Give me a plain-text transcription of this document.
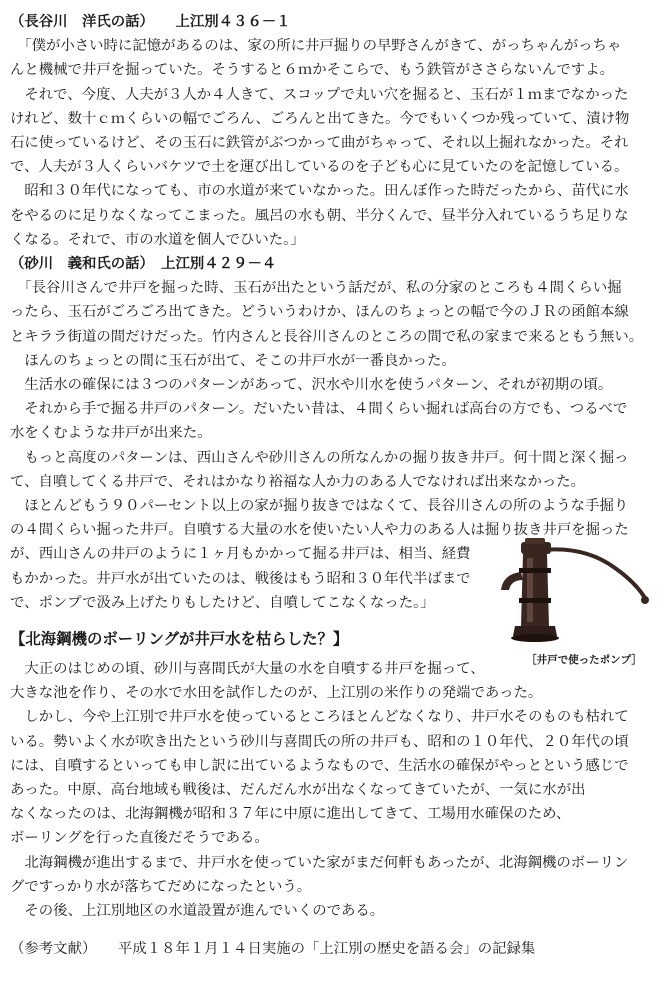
（長谷川　洋氏の話）　　上江別４３６－１
　「僕が小さい時に記憶があるのは、家の所に井戸掘りの早野さんがきて、がっちゃんがっちゃ
んと機械で井戸を掘っていた。そうすると６ｍかそこらで、もう鉄管がささらないんですよ。
　それで、今度、人夫が３人か４人きて、スコップで丸い穴を掘ると、玉石が１ｍまでなかった
けれど、数十ｃｍくらいの幅でごろん、ごろんと出てきた。今でもいくつか残っていて、漬け物
石に使っているけど、その玉石に鉄管がぶつかって曲がちゃって、それ以上掘れなかった。それ
で、人夫が３人くらいバケツで土を運び出しているのを子ども心に見ていたのを記憶している。
　昭和３０年代になっても、市の水道が来ていなかった。田んぼ作った時だったから、苗代に水
をやるのに足りなくなってこまった。風呂の水も朝、半分くんで、昼半分入れているうち足りな
くなる。それで、市の水道を個人でひいた。」
（砂川　義和氏の話）　上江別４２９－４
　「長谷川さんで井戸を掘った時、玉石が出たという話だが、私の分家のところも４間くらい掘
ったら、玉石がごろごろ出てきた。どういうわけか、ほんのちょっとの幅で今のＪＲの函館本線
とキララ街道の間だけだった。竹内さんと長谷川さんのところの間で私の家まで来るともう無い。
　ほんのちょっとの間に玉石が出て、そこの井戸水が一番良かった。
　生活水の確保には３つのパターンがあって、沢水や川水を使うパターン、それが初期の頃。
　それから手で掘る井戸のパターン。だいたい昔は、４間くらい掘れば高台の方でも、つるべで
水をくむような井戸が出来た。
　もっと高度のパターンは、西山さんや砂川さんの所なんかの掘り抜き井戸。何十間と深く掘っ
て、自噴してくる井戸で、それはかなり裕福な人か力のある人でなければ出来なかった。
　ほとんどもう９０パーセント以上の家が掘り抜きではなくて、長谷川さんの所のような手掘り
の４間くらい掘った井戸。自噴する大量の水を使いたい人や力のある人は掘り抜き井戸を掘った
が、西山さんの井戸のように１ヶ月もかかって掘る井戸は、相当、経費
もかかった。井戸水が出ていたのは、戦後はもう昭和３０年代半ばまで
で、ポンプで汲み上げたりもしたけど、自噴してこなくなった。」
【北海鋼機のボーリングが井戸水を枯らした？】
　大正のはじめの頃、砂川与喜間氏が大量の水を自噴する井戸を掘って、
大きな池を作り、その水で水田を試作したのが、上江別の米作りの発端であった。
　しかし、今や上江別で井戸水を使っているところほとんどなくなり、井戸水そのものも枯れて
いる。勢いよく水が吹き出たという砂川与喜間氏の所の井戸も、昭和の１０年代、２０年代の頃
には、自噴するといっても申し訳に出ているようなもので、生活水の確保がやっとという感じで
あった。中原、高台地域も戦後は、だんだん水が出なくなってきていたが、一気に水が出
なくなったのは、北海鋼機が昭和３７年に中原に進出してきて、工場用水確保のため、
ボーリングを行った直後だそうである。
　北海鋼機が進出するまで、井戸水を使っていた家がまだ何軒もあったが、北海鋼機のボーリン
グですっかり水が落ちてだめになったという。
　その後、上江別地区の水道設置が進んでいくのである。
（参考文献）　　平成１８年１月１４日実施の「上江別の歴史を語る会」の記録集
［井戸で使ったポンプ］
